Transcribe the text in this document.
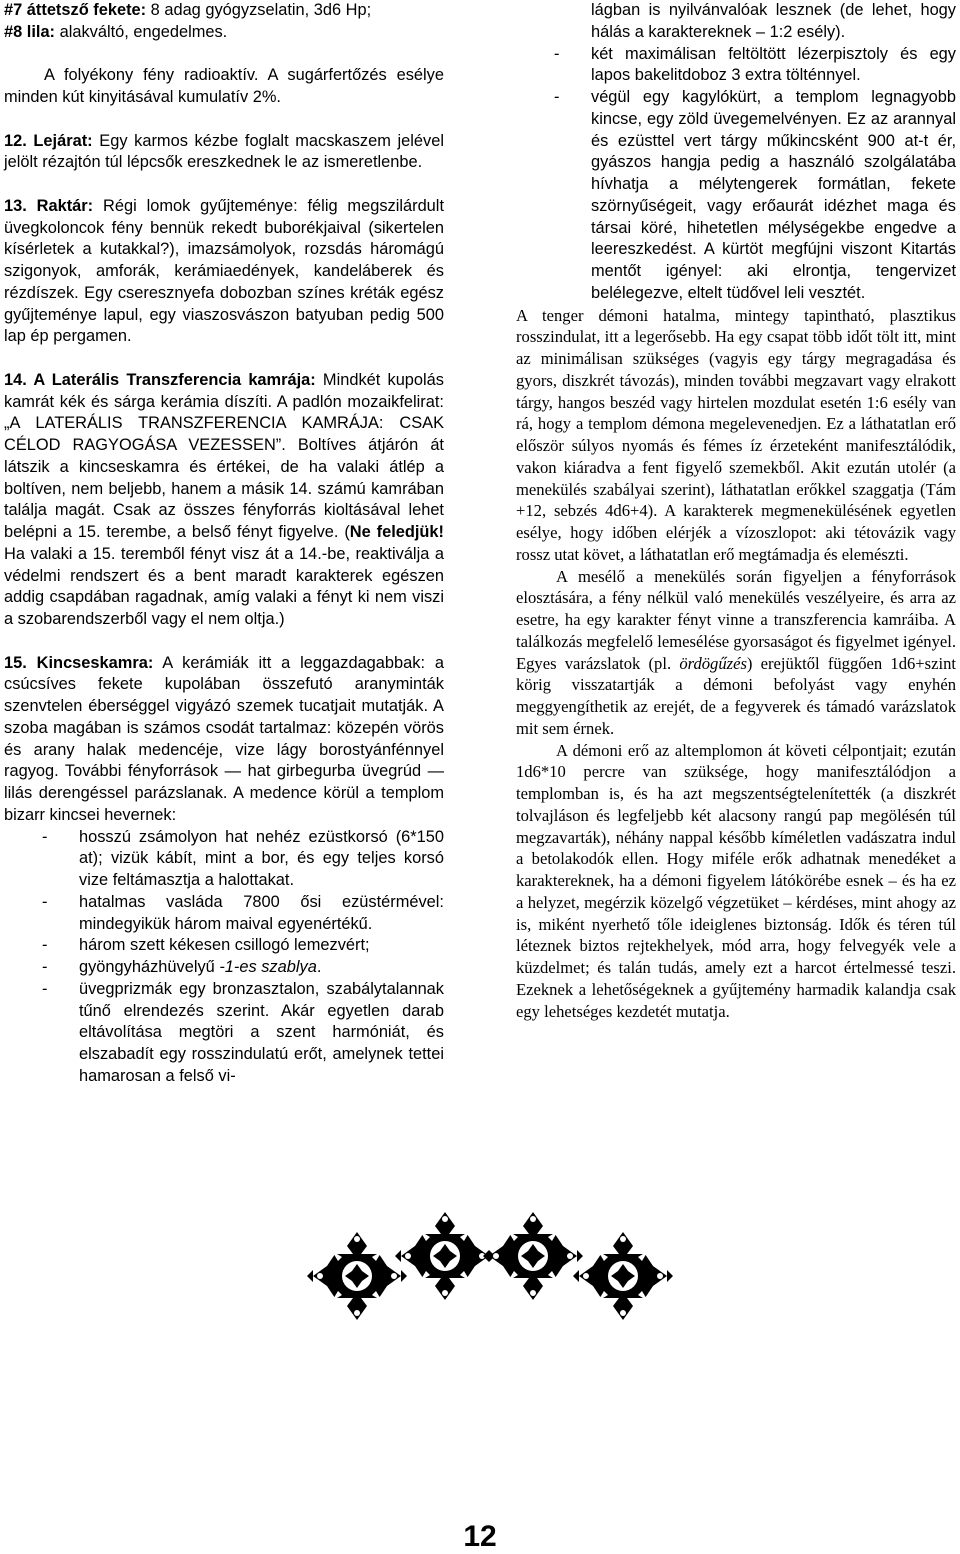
#7 áttetsző fekete: 8 adag gyógyzselatin, 3d6 Hp;

#8 lila: alakváltó, engedelmes.

A folyékony fény radioaktív. A sugárfertőzés esélye minden kút kinyitásával kumulatív 2%.

12. Lejárat: Egy karmos kézbe foglalt macskaszem jelével jelölt rézajtón túl lépcsők ereszkednek le az ismeretlenbe.

13. Raktár: Régi lomok gyűjteménye: félig megszilárdult üvegkoloncok fény bennük rekedt buborékjaival (sikertelen kísérletek a kutakkal?), imazsámolyok, rozsdás háromágú szigonyok, amforák, kerámiaedények, kandeláberek és rézdíszek. Egy cseresznyefa dobozban színes kréták egész gyűjteménye lapul, egy viaszosvászon batyuban pedig 500 lap ép pergamen.

14. A Laterális Transzferencia kamrája: Mindkét kupolás kamrát kék és sárga kerámia díszíti. A padlón mozaikfelirat: „A LATERÁLIS TRANSZFERENCIA KAMRÁJA: CSAK CÉLOD RAGYOGÁSA VEZESSEN”. Boltíves átjárón át látszik a kincseskamra és értékei, de ha valaki átlép a boltíven, nem beljebb, hanem a másik 14. számú kamrában találja magát. Csak az összes fényforrás kioltásával lehet belépni a 15. terembe, a belső fényt figyelve. (Ne feledjük! Ha valaki a 15. teremből fényt visz át a 14.-be, reaktiválja a védelmi rendszert és a bent maradt karakterek egészen addig csapdában ragadnak, amíg valaki a fényt ki nem viszi a szobarendszerből vagy el nem oltja.)

15. Kincseskamra: A kerámiák itt a leggazdagabbak: a csúcsíves fekete kupolában összefutó aranyminták szenvtelen éberséggel vigyázó szemek tucatjait mutatják. A szoba magában is számos csodát tartalmaz: közepén vörös és arany halak medencéje, vize lágy borostyánfénnyel ragyog. További fényforrások — hat girbegurba üvegrúd — lilás derengéssel parázslanak. A medence körül a templom bizarr kincsei hevernek:

- hosszú zsámolyon hat nehéz ezüstkorsó (6*150 at); vizük kábít, mint a bor, és egy teljes korsó vize feltámasztja a halottakat.
- hatalmas vasláda 7800 ősi ezüstérmével: mindegyikük három maival egyenértékű.
- három szett kékesen csillogó lemezvért;
- gyöngyházhüvelyű -1-es szablya.
- üvegprizmák egy bronzasztalon, szabálytalannak tűnő elrendezés szerint. Akár egyetlen darab eltávolítása megtöri a szent harmóniát, és elszabadít egy rosszindulatú erőt, amelynek tettei hamarosan a felső vi-
lágban is nyilvánvalóak lesznek (de lehet, hogy hálás a karaktereknek – 1:2 esély).
- két maximálisan feltöltött lézerpisztoly és egy lapos bakelitdoboz 3 extra tölténnyel.
- végül egy kagylókürt, a templom legnagyobb kincse, egy zöld üvegemelvényen. Ez az arannyal és ezüsttel vert tárgy műkincsként 900 at-t ér, gyászos hangja pedig a használó szolgálatába hívhatja a mélytengerek formátlan, fekete szörnyűségeit, vagy erőaurát idézhet maga és társai köré, hihetetlen mélységekbe engedve a leereszkedést. A kürtöt megfújni viszont Kitartás mentőt igényel: aki elrontja, tengervizet belélegezve, eltelt tüdővel leli vesztét.

A tenger démoni hatalma, mintegy tapintható, plasztikus rosszindulat, itt a legerősebb. Ha egy csapat több időt tölt itt, mint az minimálisan szükséges (vagyis egy tárgy megragadása és gyors, diszkrét távozás), minden további megzavart vagy elrakott tárgy, hangos beszéd vagy hirtelen mozdulat esetén 1:6 esély van rá, hogy a templom démona megelevenedjen. Ez a láthatatlan erő először súlyos nyomás és fémes íz érzeteként manifesztálódik, vakon kiáradva a fent figyelő szemekből. Akit ezután utolér (a menekülés szabályai szerint), láthatatlan erőkkel szaggatja (Tám +12, sebzés 4d6+4). A karakterek megmenekülésének egyetlen esélye, hogy időben elérjék a vízoszlopot: aki tétovázik vagy rossz utat követ, a láthatatlan erő megtámadja és elemészti.

A mesélő a menekülés során figyeljen a fényforrások elosztására, a fény nélkül való menekülés veszélyeire, és arra az esetre, ha egy karakter fényt vinne a transzferencia kamráiba. A találkozás megfelelő lemesélése gyorsaságot és figyelmet igényel. Egyes varázslatok (pl. ördögűzés) erejüktől függően 1d6+szint körig visszatartják a démoni befolyást vagy enyhén meggyengíthetik az erejét, de a fegyverek és támadó varázslatok mit sem érnek.

A démoni erő az altemplomon át követi célpontjait; ezután 1d6*10 percre van szüksége, hogy manifesztálódjon a templomban is, és ha azt megszentségtelenítették (a diszkrét tolvajláson és legfeljebb két alacsony rangú pap megölésén túl megzavarták), néhány nappal később kíméletlen vadászatra indul a betolakodók ellen. Hogy miféle erők adhatnak menedéket a karaktereknek, ha a démoni figyelem látókörébe esnek – és ha ez a helyzet, megérzik közelgő végzetüket – kérdéses, mint ahogy az is, miként nyerhető tőle ideiglenes biztonság. Idők és téren túl léteznek biztos rejtekhelyek, mód arra, hogy felvegyék vele a küzdelmet; és talán tudás, amely ezt a harcot értelmessé teszi. Ezeknek a lehetőségeknek a gyűjtemény harmadik kalandja csak egy lehetséges kezdetét mutatja.

12
